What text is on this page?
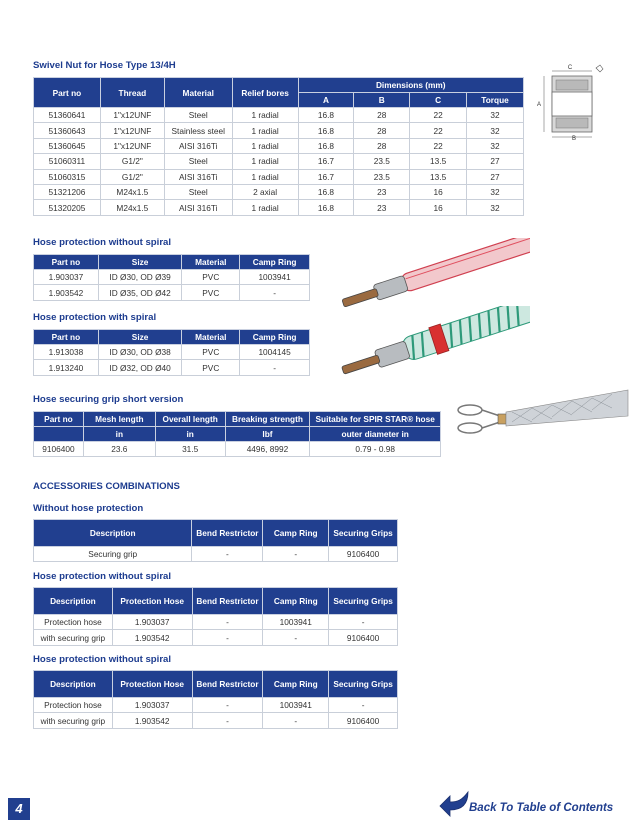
Swivel Nut for Hose Type 13/4H

Part no	Thread	Material	Relief bores	Dimensions (mm)			
				A	B	C	Torque
51360641	1"x12UNF	Steel	1 radial	16.8	28	22	32
51360643	1"x12UNF	Stainless steel	1 radial	16.8	28	22	32
51360645	1"x12UNF	AISI 316Ti	1 radial	16.8	28	22	32
51060311	G1/2"	Steel	1 radial	16.7	23.5	13.5	27
51060315	G1/2"	AISI 316Ti	1 radial	16.7	23.5	13.5	27
51321206	M24x1.5	Steel	2 axial	16.8	23	16	32
51320205	M24x1.5	AISI 316Ti	1 radial	16.8	23	16	32
C
A
B

Hose protection without spiral

Part no	Size	Material	Camp Ring
1.903037	ID Ø30, OD Ø39	PVC	1003941
1.903542	ID Ø35, OD Ø42	PVC	-

Hose protection with spiral

Part no	Size	Material	Camp Ring
1.913038	ID Ø30, OD Ø38	PVC	1004145
1.913240	ID Ø32, OD Ø40	PVC	-

Hose securing grip short version

Part no	Mesh length	Overall length	Breaking strength	Suitable for SPIR STAR® hose
	in	in	lbf	outer diameter in
9106400	23.6	31.5	4496, 8992	0.79 - 0.98

ACCESSORIES COMBINATIONS

Without hose protection

Description	Bend Restrictor	Camp Ring	Securing Grips
Securing grip	-	-	9106400

Hose protection without spiral

Description	Protection Hose	Bend Restrictor	Camp Ring	Securing Grips
Protection hose	1.903037	-	1003941	-
with securing grip	1.903542	-	-	9106400

Hose protection without spiral

Description	Protection Hose	Bend Restrictor	Camp Ring	Securing Grips
Protection hose	1.903037	-	1003941	-
with securing grip	1.903542	-	-	9106400
4	Back To Table of Contents
